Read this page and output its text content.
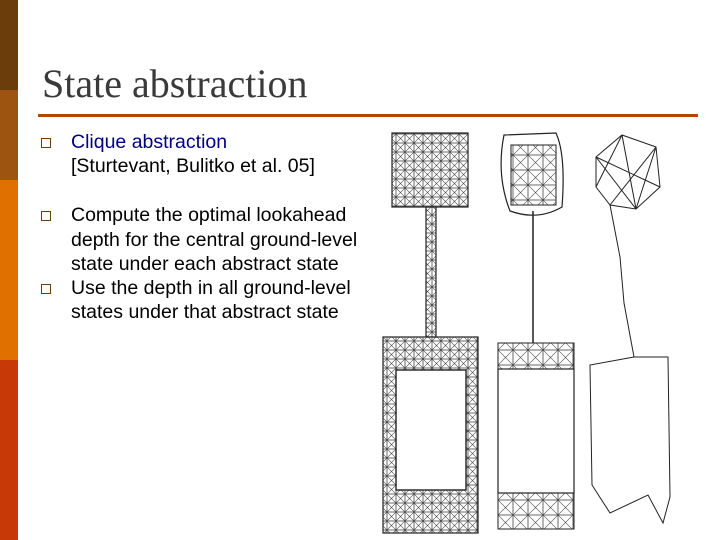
State abstraction
Clique abstraction
[Sturtevant, Bulitko et al. 05]
Compute the optimal lookahead depth for the central ground-level state under each abstract state
Use the depth in all ground-level states under that abstract state
